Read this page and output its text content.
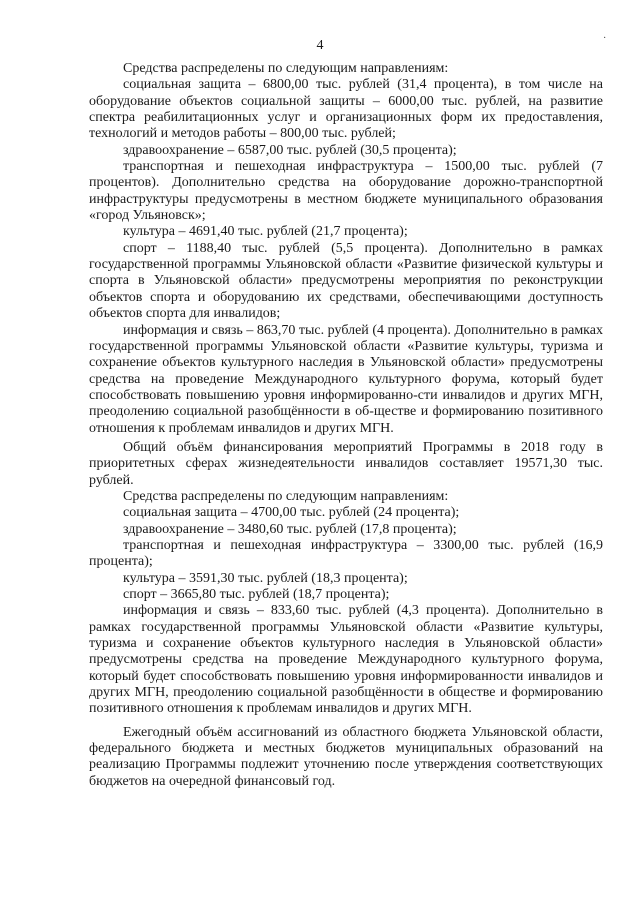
4	·

Средства распределены по следующим направлениям:

социальная защита – 6800,00 тыс. рублей (31,4 процента), в том числе на оборудование объектов социальной защиты – 6000,00 тыс. рублей, на развитие спектра реабилитационных услуг и организационных форм их предоставления, технологий и методов работы – 800,00 тыс. рублей;

здравоохранение – 6587,00 тыс. рублей (30,5 процента);

транспортная и пешеходная инфраструктура – 1500,00 тыс. рублей (7 процентов). Дополнительно средства на оборудование дорожно-транспортной инфраструктуры предусмотрены в местном бюджете муниципального образования «город Ульяновск»;

культура – 4691,40 тыс. рублей (21,7 процента);

спорт – 1188,40 тыс. рублей (5,5 процента). Дополнительно в рамках государственной программы Ульяновской области «Развитие физической культуры и спорта в Ульяновской области» предусмотрены мероприятия по реконструкции объектов спорта и оборудованию их средствами, обеспечивающими доступность объектов спорта для инвалидов;

информация и связь – 863,70 тыс. рублей (4 процента). Дополнительно в рамках государственной программы Ульяновской области «Развитие культуры, туризма и сохранение объектов культурного наследия в Ульяновской области» предусмотрены средства на проведение Международного культурного форума, который будет способствовать повышению уровня информированно-сти инвалидов и других МГН, преодолению социальной разобщённости в об-ществе и формированию позитивного отношения к проблемам инвалидов и других МГН.

Общий объём финансирования мероприятий Программы в 2018 году в приоритетных сферах жизнедеятельности инвалидов составляет 19571,30 тыс. рублей.

Средства распределены по следующим направлениям:

социальная защита – 4700,00 тыс. рублей (24 процента);

здравоохранение – 3480,60 тыс. рублей (17,8 процента);

транспортная и пешеходная инфраструктура – 3300,00 тыс. рублей (16,9 процента);

культура – 3591,30 тыс. рублей (18,3 процента);

спорт – 3665,80 тыс. рублей (18,7 процента);

информация и связь – 833,60 тыс. рублей (4,3 процента). Дополнительно в рамках государственной программы Ульяновской области «Развитие культуры, туризма и сохранение объектов культурного наследия в Ульяновской области» предусмотрены средства на проведение Международного культурного форума, который будет способствовать повышению уровня информированности инвалидов и других МГН, преодолению социальной разобщённости в обществе и формированию позитивного отношения к проблемам инвалидов и других МГН.

Ежегодный объём ассигнований из областного бюджета Ульяновской области, федерального бюджета и местных бюджетов муниципальных образований на реализацию Программы подлежит уточнению после утверждения соответствующих бюджетов на очередной финансовый год.
